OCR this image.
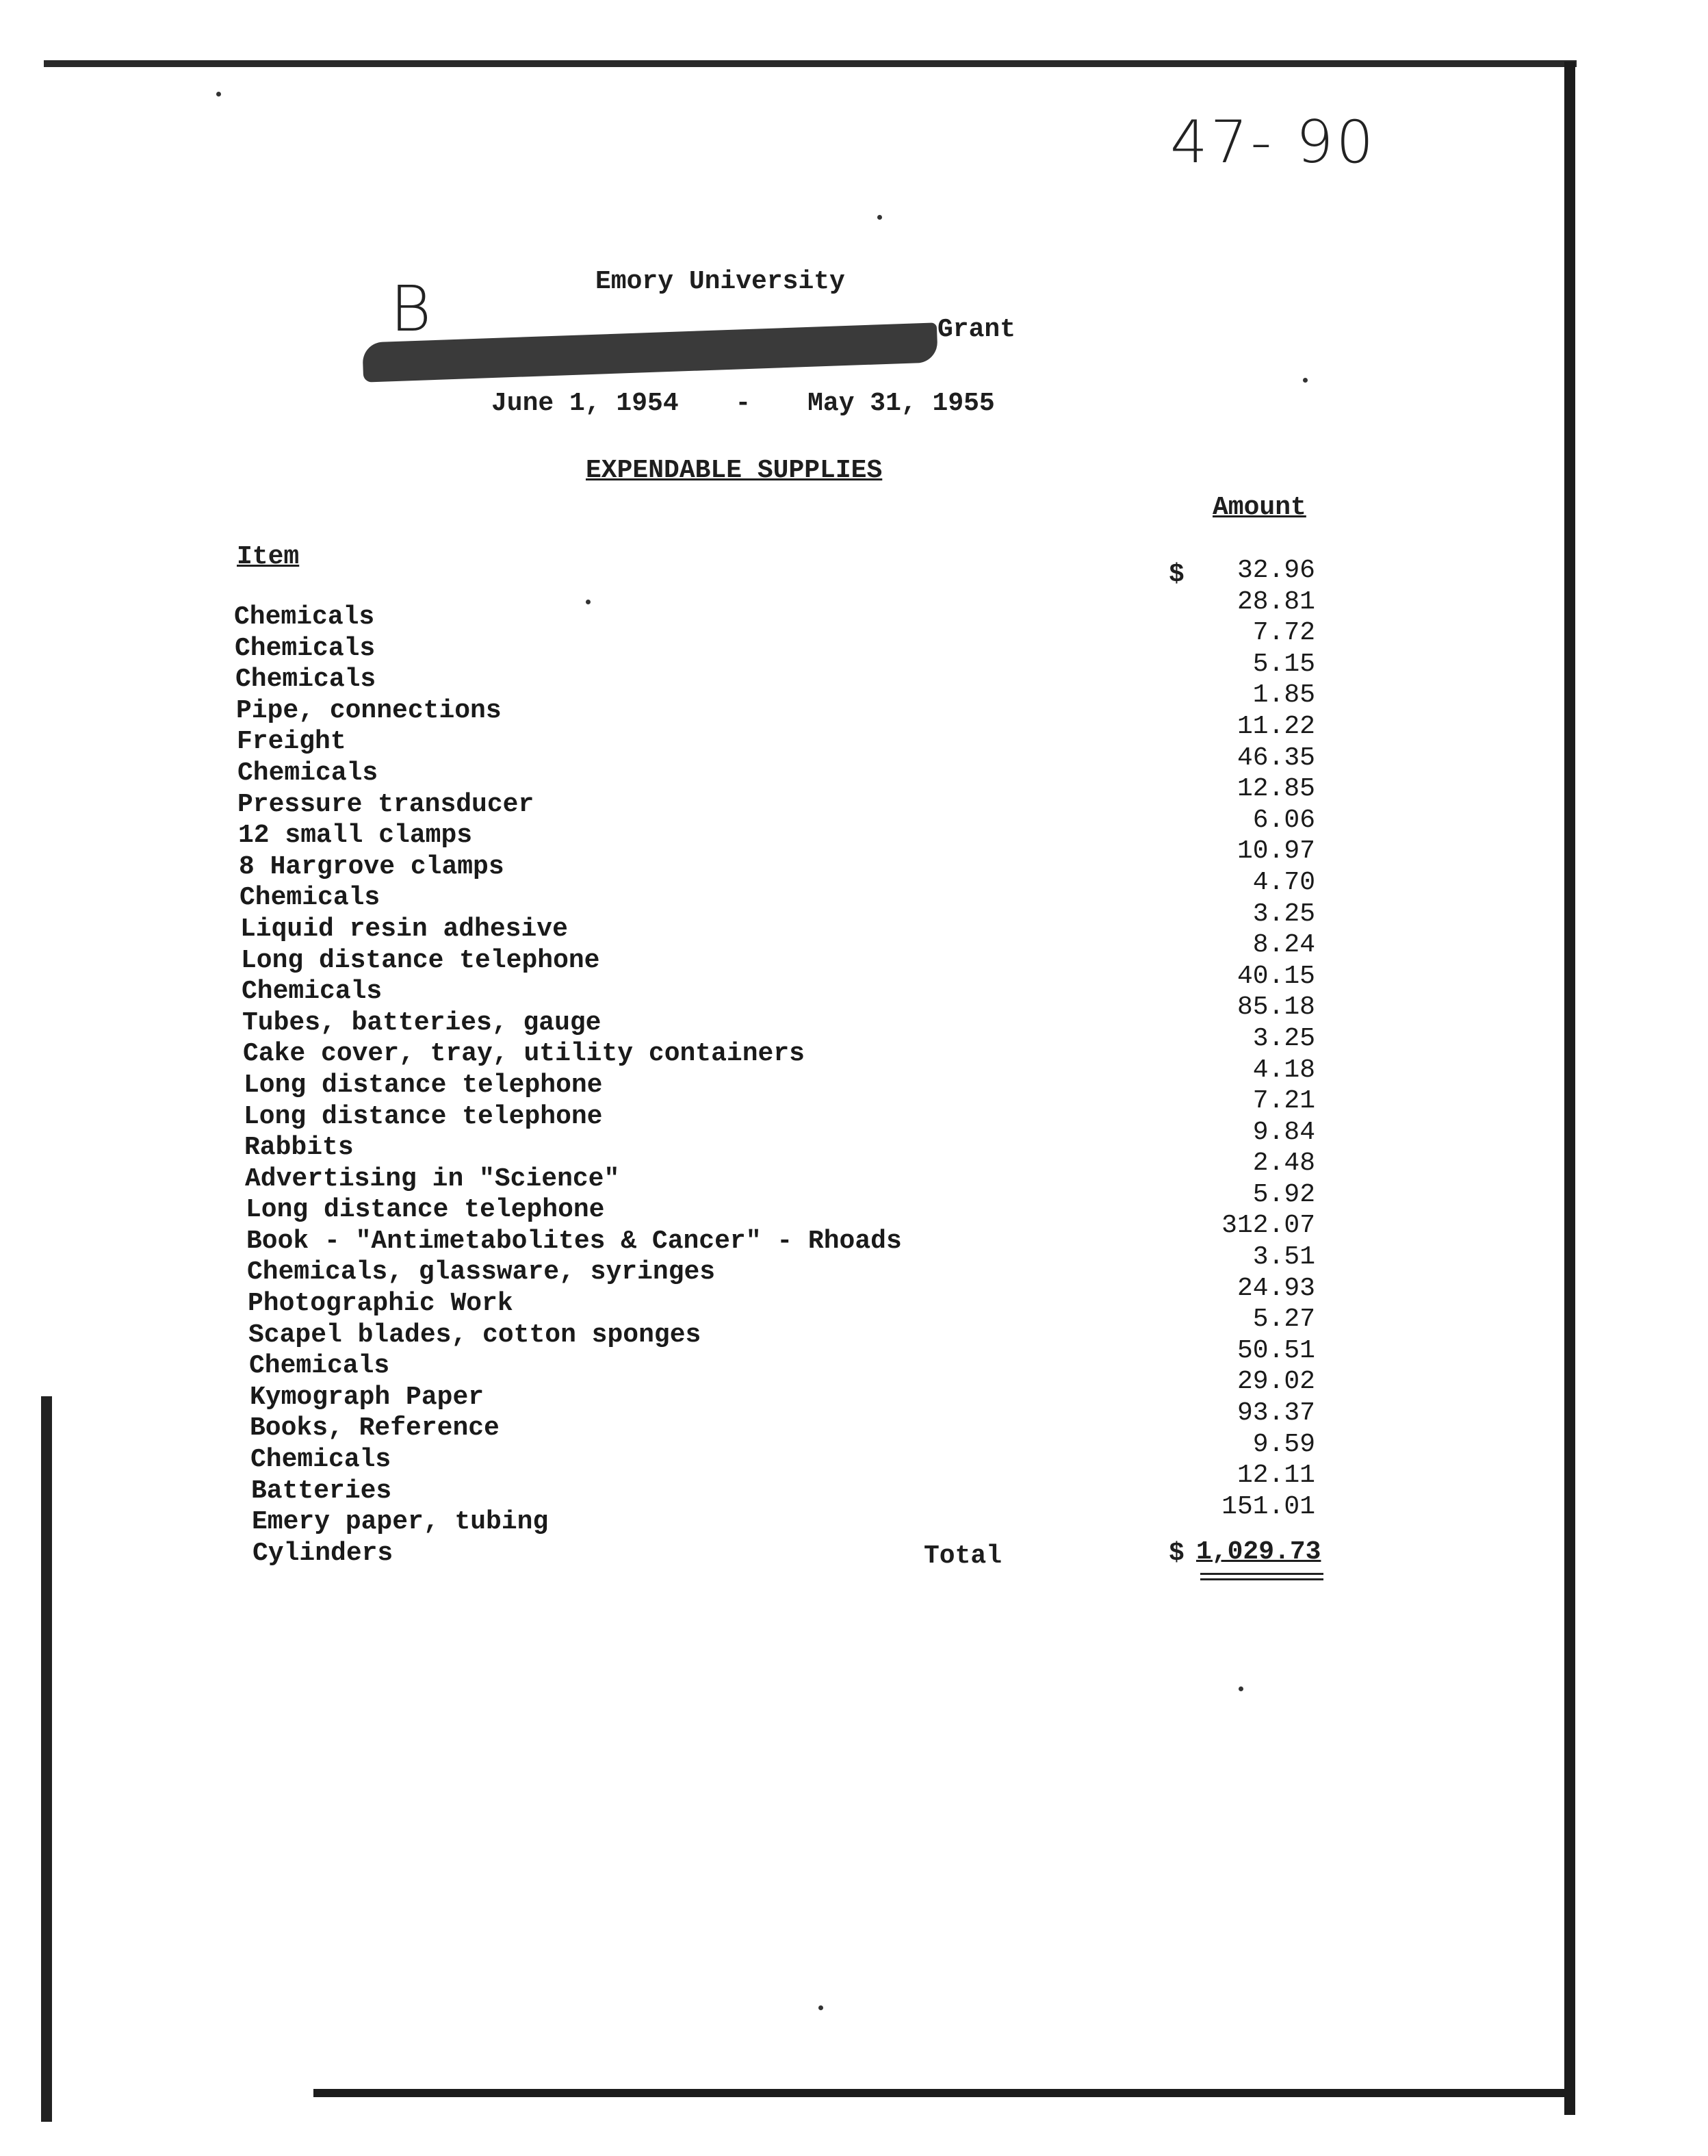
47- 90
B	Emory University
Grant
June 1, 1954 - May 31, 1955
EXPENDABLE SUPPLIES
Item
Amount
$
Chemicals
Chemicals
Chemicals
Pipe, connections
Freight
Chemicals
Pressure transducer
12 small clamps
8 Hargrove clamps
Chemicals
Liquid resin adhesive
Long distance telephone
Chemicals
Tubes, batteries, gauge
Cake cover, tray, utility containers
Long distance telephone
Long distance telephone
Rabbits
Advertising in "Science"
Long distance telephone
Book - "Antimetabolites & Cancer" - Rhoads
Chemicals, glassware, syringes
Photographic Work
Scapel blades, cotton sponges
Chemicals
Kymograph Paper
Books, Reference
Chemicals
Batteries
Emery paper, tubing
Cylinders
32.96
28.81
7.72
5.15
1.85
11.22
46.35
12.85
6.06
10.97
4.70
3.25
8.24
40.15
85.18
3.25
4.18
7.21
9.84
2.48
5.92
312.07
3.51
24.93
5.27
50.51
29.02
93.37
9.59
12.11
151.01
Total	$ 1,029.73
